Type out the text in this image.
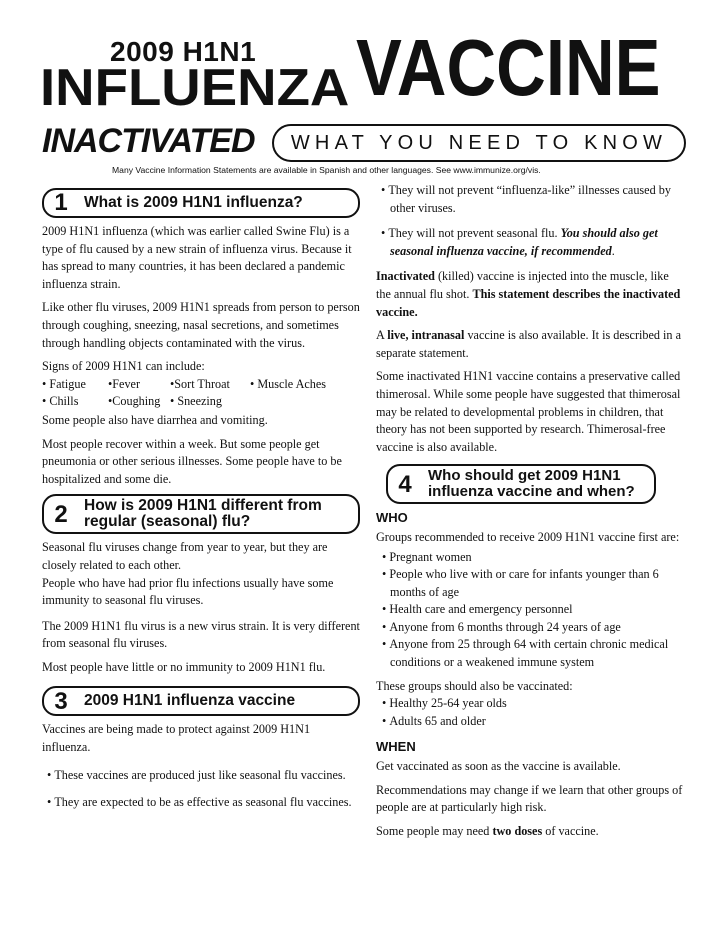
2009 H1N1
INFLUENZA VACCINE
INACTIVATED	WHAT YOU NEED TO KNOW
Many Vaccine Information Statements are available in Spanish and other languages. See www.immunize.org/vis.
1	What is 2009 H1N1 influenza?

2009 H1N1 influenza (which was earlier called Swine Flu) is a type of flu caused by a new strain of influenza virus. Because it has spread to many countries, it has been declared a pandemic influenza strain.

Like other flu viruses, 2009 H1N1 spreads from person to person through coughing, sneezing, nasal secretions, and sometimes through handling objects contaminated with the virus.

Signs of 2009 H1N1 can include:
• Fatigue •Fever •Sort Throat • Muscle Aches
• Chills •Coughing • Sneezing

Some people also have diarrhea and vomiting.

Most people recover within a week. But some people get pneumonia or other serious illnesses. Some people have to be hospitalized and some die.

2	How is 2009 H1N1 different from regular (seasonal) flu?
Seasonal flu viruses change from year to year, but they are closely related to each other.

People who have had prior flu infections usually have some immunity to seasonal flu viruses.

The 2009 H1N1 flu virus is a new virus strain. It is very different from seasonal flu viruses.

Most people have little or no immunity to 2009 H1N1 flu.

3	2009 H1N1 influenza vaccine

Vaccines are being made to protect against 2009 H1N1 influenza.

• These vaccines are produced just like seasonal flu vaccines.
• They are expected to be as effective as seasonal flu vaccines.
• They will not prevent “influenza-like” illnesses caused by other viruses.
• They will not prevent seasonal flu. You should also get seasonal influenza vaccine, if recommended.

Inactivated (killed) vaccine is injected into the muscle, like the annual flu shot. This statement describes the inactivated vaccine.

A live, intranasal vaccine is also available. It is described in a separate statement.

Some inactivated H1N1 vaccine contains a preservative called thimerosal. While some people have suggested that thimerosal may be related to developmental problems in children, that theory has not been supported by research. Thimerosal-free vaccine is also available.

4	Who should get 2009 H1N1 influenza vaccine and when?
WHO

Groups recommended to receive 2009 H1N1 vaccine first are:

• Pregnant women
• People who live with or care for infants younger than 6 months of age
• Health care and emergency personnel
• Anyone from 6 months through 24 years of age
• Anyone from 25 through 64 with certain chronic medical conditions or a weakened immune system
These groups should also be vaccinated:
• Healthy 25-64 year olds
• Adults 65 and older
WHEN

Get vaccinated as soon as the vaccine is available.

Recommendations may change if we learn that other groups of people are at particularly high risk.

Some people may need two doses of vaccine.
